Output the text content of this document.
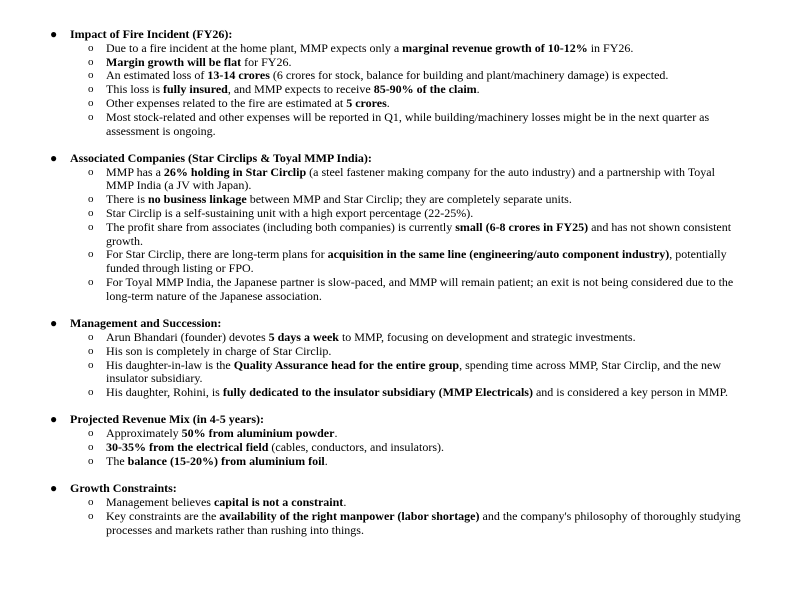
● Impact of Fire Incident (FY26):
o Due to a fire incident at the home plant, MMP expects only a marginal revenue growth of 10-12% in FY26.
o Margin growth will be flat for FY26.
o An estimated loss of 13-14 crores (6 crores for stock, balance for building and plant/machinery damage) is expected.
o This loss is fully insured, and MMP expects to receive 85-90% of the claim.
o Other expenses related to the fire are estimated at 5 crores.
o Most stock-related and other expenses will be reported in Q1, while building/machinery losses might be in the next quarter as assessment is ongoing.
● Associated Companies (Star Circlips & Toyal MMP India):
o MMP has a 26% holding in Star Circlip (a steel fastener making company for the auto industry) and a partnership with Toyal MMP India (a JV with Japan).
o There is no business linkage between MMP and Star Circlip; they are completely separate units.
o Star Circlip is a self-sustaining unit with a high export percentage (22-25%).
o The profit share from associates (including both companies) is currently small (6-8 crores in FY25) and has not shown consistent growth.
o For Star Circlip, there are long-term plans for acquisition in the same line (engineering/auto component industry), potentially funded through listing or FPO.
o For Toyal MMP India, the Japanese partner is slow-paced, and MMP will remain patient; an exit is not being considered due to the long-term nature of the Japanese association.
● Management and Succession:
o Arun Bhandari (founder) devotes 5 days a week to MMP, focusing on development and strategic investments.
o His son is completely in charge of Star Circlip.
o His daughter-in-law is the Quality Assurance head for the entire group, spending time across MMP, Star Circlip, and the new insulator subsidiary.
o His daughter, Rohini, is fully dedicated to the insulator subsidiary (MMP Electricals) and is considered a key person in MMP.
● Projected Revenue Mix (in 4-5 years):
o Approximately 50% from aluminium powder.
o 30-35% from the electrical field (cables, conductors, and insulators).
o The balance (15-20%) from aluminium foil.
● Growth Constraints:
o Management believes capital is not a constraint.
o Key constraints are the availability of the right manpower (labor shortage) and the company's philosophy of thoroughly studying processes and markets rather than rushing into things.
